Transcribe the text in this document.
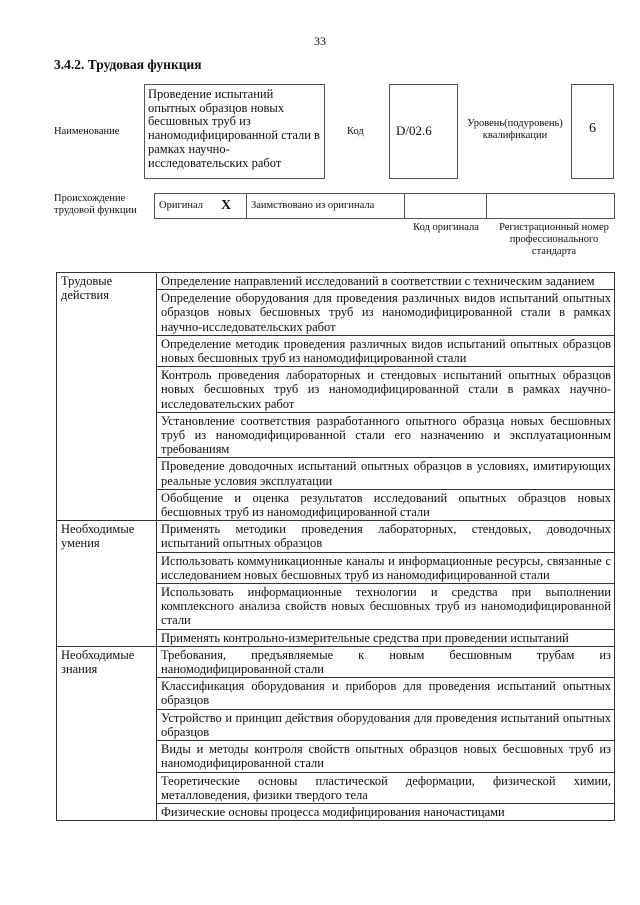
33
3.4.2. Трудовая функция
Наименование
Проведение испытаний опытных образцов новых бесшовных труб из наномодифицированной стали в рамках научно-исследовательских работ
Код	D/02.6	Уровень(подуровень) квалификации	6
Происхождение трудовой функции	Оригинал	X	Заимствовано из оригинала
Код оригинала	Регистрационный номер профессионального стандарта
Трудовые действия	Определение направлений исследований в соответствии с техническим заданием
	Определение оборудования для проведения различных видов испытаний опытных образцов новых бесшовных труб из наномодифицированной стали в рамках научно-исследовательских работ
	Определение методик проведения различных видов испытаний опытных образцов новых бесшовных труб из наномодифицированной стали
	Контроль проведения лабораторных и стендовых испытаний опытных образцов новых бесшовных труб из наномодифицированной стали в рамках научно-исследовательских работ
	Установление соответствия разработанного опытного образца новых бесшовных труб из наномодифицированной стали его назначению и эксплуатационным требованиям
	Проведение доводочных испытаний опытных образцов в условиях, имитирующих реальные условия эксплуатации
	Обобщение и оценка результатов исследований опытных образцов новых бесшовных труб из наномодифицированной стали
Необходимые умения	Применять методики проведения лабораторных, стендовых, доводочных испытаний опытных образцов
	Использовать коммуникационные каналы и информационные ресурсы, связанные с исследованием новых бесшовных труб из наномодифицированной стали
	Использовать информационные технологии и средства при выполнении комплексного анализа свойств новых бесшовных труб из наномодифицированной стали
	Применять контрольно-измерительные средства при проведении испытаний
Необходимые знания	Требования, предъявляемые к новым бесшовным трубам из наномодифицированной стали
	Классификация оборудования и приборов для проведения испытаний опытных образцов
	Устройство и принцип действия оборудования для проведения испытаний опытных образцов
	Виды и методы контроля свойств опытных образцов новых бесшовных труб из наномодифицированной стали
	Теоретические основы пластической деформации, физической химии, металловедения, физики твердого тела
	Физические основы процесса модифицирования наночастицами
